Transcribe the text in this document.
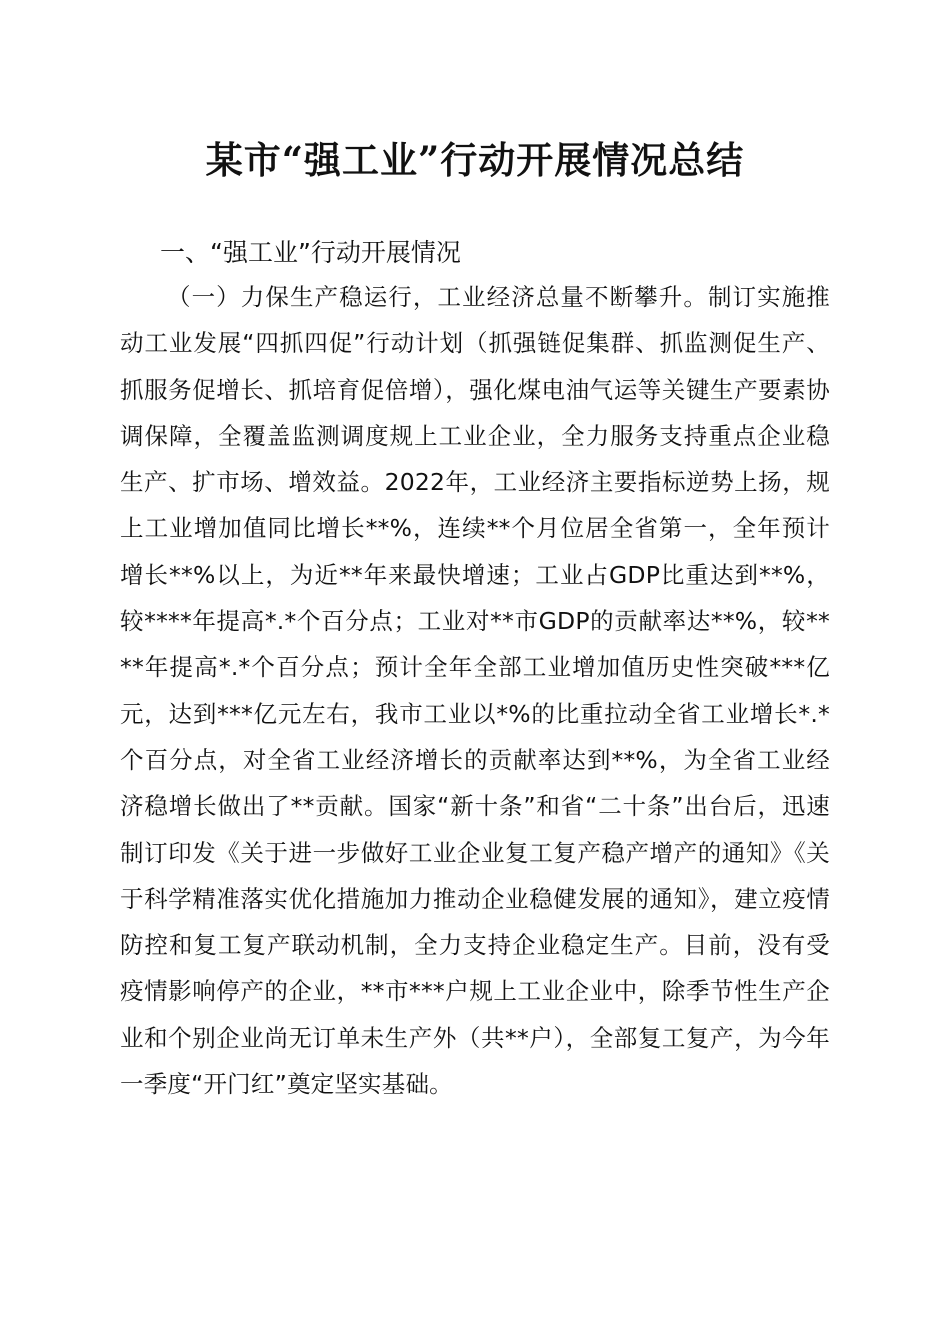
某市“强工业”行动开展情况总结
一、“强工业”行动开展情况

（一）力保生产稳运行，工业经济总量不断攀升。制订实施推动工业发展“四抓四促”行动计划（抓强链促集群、抓监测促生产、抓服务促增长、抓培育促倍增），强化煤电油气运等关键生产要素协调保障，全覆盖监测调度规上工业企业，全力服务支持重点企业稳生产、扩市场、增效益。2022年，工业经济主要指标逆势上扬，规上工业增加值同比增长**%，连续**个月位居全省第一，全年预计增长**%以上，为近**年来最快增速；工业占GDP比重达到**%，较****年提高*.*个百分点；工业对**市GDP的贡献率达**%，较****年提高*.*个百分点；预计全年全部工业增加值历史性突破***亿元，达到***亿元左右，我市工业以*%的比重拉动全省工业增长*.*个百分点，对全省工业经济增长的贡献率达到**%，为全省工业经济稳增长做出了**贡献。国家“新十条”和省“二十条”出台后，迅速制订印发《关于进一步做好工业企业复工复产稳产增产的通知》《关于科学精准落实优化措施加力推动企业稳健发展的通知》，建立疫情防控和复工复产联动机制，全力支持企业稳定生产。目前，没有受疫情影响停产的企业，**市***户规上工业企业中，除季节性生产企业和个别企业尚无订单未生产外（共**户），全部复工复产，为今年一季度“开门红”奠定坚实基础。
